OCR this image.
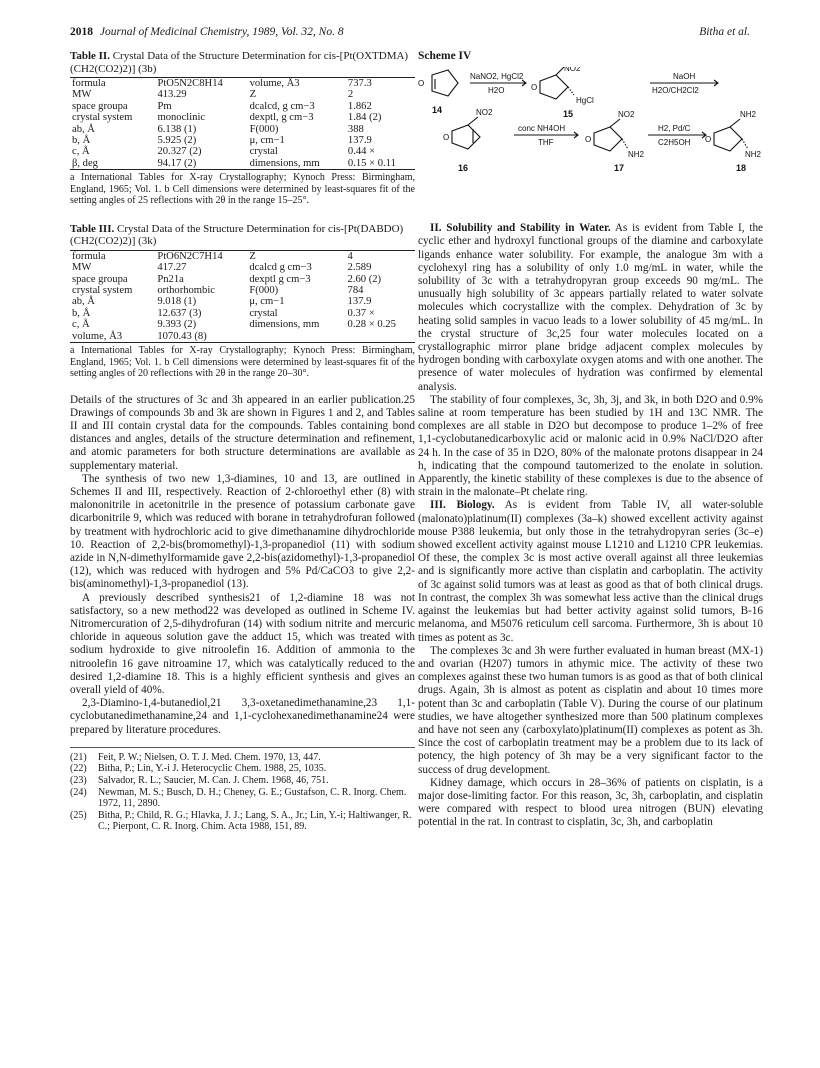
2018 Journal of Medicinal Chemistry, 1989, Vol. 32, No. 8	Bitha et al.
Table II. Crystal Data of the Structure Determination for cis-[Pt(OXTDMA)(CH2(CO2)2)] (3b)
formula	PtO5N2C8H14	volume, Å3	737.3
MW	413.29	Z	2
space groupa	Pm	dcalcd, g cm−3	1.862
crystal system	monoclinic	dexptl, g cm−3	1.84 (2)
ab, Å	6.138 (1)	F(000)	388
b, Å	5.925 (2)	μ, cm−1	137.9
c, Å	20.327 (2)	crystal	0.44 ×
β, deg	94.17 (2)	dimensions, mm	0.15 × 0.11
a International Tables for X-ray Crystallography; Kynoch Press: Birmingham, England, 1965; Vol. 1. b Cell dimensions were determined by least-squares fit of the setting angles of 25 reflections with 2θ in the range 15–25°.
Table III. Crystal Data of the Structure Determination for cis-[Pt(DABDO)(CH2(CO2)2)] (3k)
formula	PtO6N2C7H14	Z	4
MW	417.27	dcalcd g cm−3	2.589
space groupa	Pn21a	dexptl g cm−3	2.60 (2)
crystal system	orthorhombic	F(000)	784
ab, Å	9.018 (1)	μ, cm−1	137.9
b, Å	12.637 (3)	crystal	0.37 ×
c, Å	9.393 (2)	dimensions, mm	0.28 × 0.25
volume, Å3	1070.43 (8)		
a International Tables for X-ray Crystallography; Kynoch Press: Birmingham, England, 1965; Vol. 1. b Cell dimensions were determined by least-squares fit of the setting angles of 20 reflections with 2θ in the range 20–30°.

Details of the structures of 3c and 3h appeared in an earlier publication.25 Drawings of compounds 3b and 3k are shown in Figures 1 and 2, and Tables II and III contain crystal data for the compounds. Tables containing bond distances and angles, details of the structure determination and refinement, and atomic parameters for both structure determinations are available as supplementary material.

The synthesis of two new 1,3-diamines, 10 and 13, are outlined in Schemes II and III, respectively. Reaction of 2-chloroethyl ether (8) with malononitrile in acetonitrile in the presence of potassium carbonate gave dicarbonitrile 9, which was reduced with borane in tetrahydrofuran followed by treatment with hydrochloric acid to give dimethanamine dihydrochloride 10. Reaction of 2,2-bis(bromomethyl)-1,3-propanediol (11) with sodium azide in N,N-dimethylformamide gave 2,2-bis(azidomethyl)-1,3-propanediol (12), which was reduced with hydrogen and 5% Pd/CaCO3 to give 2,2-bis(aminomethyl)-1,3-propanediol (13).

A previously described synthesis21 of 1,2-diamine 18 was not satisfactory, so a new method22 was developed as outlined in Scheme IV. Nitromercuration of 2,5-dihydrofuran (14) with sodium nitrite and mercuric chloride in aqueous solution gave the adduct 15, which was treated with sodium hydroxide to give nitroolefin 16. Addition of ammonia to the nitroolefin 16 gave nitroamine 17, which was catalytically reduced to the desired 1,2-diamine 18. This is a highly efficient synthesis and gives an overall yield of 40%.

2,3-Diamino-1,4-butanediol,21 3,3-oxetanedimethanamine,23 1,1-cyclobutanedimethanamine,24 and 1,1-cyclohexanedimethanamine24 were prepared by literature procedures.

(21)	Feit, P. W.; Nielsen, O. T. J. Med. Chem. 1970, 13, 447.
(22)	Bitha, P.; Lin, Y.-i J. Heterocyclic Chem. 1988, 25, 1035.
(23)	Salvador, R. L.; Saucier, M. Can. J. Chem. 1968, 46, 751.
(24)	Newman, M. S.; Busch, D. H.; Cheney, G. E.; Gustafson, C. R. Inorg. Chem. 1972, 11, 2890.
(25)	Bitha, P.; Child, R. G.; Hlavka, J. J.; Lang, S. A., Jr.; Lin, Y.-i; Haltiwanger, R. C.; Pierpont, C. R. Inorg. Chim. Acta 1988, 151, 89.
Scheme IV
O
NaNO2, HgCl2
H2O
14
O
NO2
HgCl
15
NaOH
H2O/CH2Cl2
O
NO2
16
conc NH4OH
THF	O
NO2
NH2
17
H2, Pd/C
C2H5OH O
NH2
NH2
18

II. Solubility and Stability in Water. As is evident from Table I, the cyclic ether and hydroxyl functional groups of the diamine and carboxylate ligands enhance water solubility. For example, the analogue 3m with a cyclohexyl ring has a solubility of only 1.0 mg/mL in water, while the solubility of 3c with a tetrahydropyran group exceeds 90 mg/mL. The unusually high solubility of 3c appears partially related to water solvate molecules which cocrystallize with the complex. Dehydration of 3c by heating solid samples in vacuo leads to a lower solubility of 45 mg/mL. In the crystal structure of 3c,25 four water molecules located on a crystallographic mirror plane bridge adjacent complex molecules by hydrogen bonding with carboxylate oxygen atoms and with one another. The presence of water molecules of hydration was confirmed by elemental analysis.

The stability of four complexes, 3c, 3h, 3j, and 3k, in both D2O and 0.9% saline at room temperature has been studied by 1H and 13C NMR. The complexes are all stable in D2O but decompose to produce 1–2% of free 1,1-cyclobutanedicarboxylic acid or malonic acid in 0.9% NaCl/D2O after 24 h. In the case of 35 in D2O, 80% of the malonate protons disappear in 24 h, indicating that the compound tautomerized to the enolate in solution. Apparently, the kinetic stability of these complexes is due to the absence of strain in the malonate–Pt chelate ring.

III. Biology. As is evident from Table IV, all water-soluble (malonato)platinum(II) complexes (3a–k) showed excellent activity against mouse P388 leukemia, but only those in the tetrahydropyran series (3c–e) showed excellent activity against mouse L1210 and L1210 CPR leukemias. Of these, the complex 3c is most active overall against all three leukemias and is significantly more active than cisplatin and carboplatin. The activity of 3c against solid tumors was at least as good as that of both clinical drugs. In contrast, the complex 3h was somewhat less active than the clinical drugs against the leukemias but had better activity against solid tumors, B-16 melanoma, and M5076 reticulum cell sarcoma. Furthermore, 3h is about 10 times as potent as 3c.

The complexes 3c and 3h were further evaluated in human breast (MX-1) and ovarian (H207) tumors in athymic mice. The activity of these two complexes against these two human tumors is as good as that of both clinical drugs. Again, 3h is almost as potent as cisplatin and about 10 times more potent than 3c and carboplatin (Table V). During the course of our platinum studies, we have altogether synthesized more than 500 platinum complexes and have not seen any (carboxylato)platinum(II) complexes as potent as 3h. Since the cost of carboplatin treatment may be a problem due to its lack of potency, the high potency of 3h may be a very significant factor to the success of drug development.

Kidney damage, which occurs in 28–36% of patients on cisplatin, is a major dose-limiting factor. For this reason, 3c, 3h, carboplatin, and cisplatin were compared with respect to blood urea nitrogen (BUN) elevating potential in the rat. In contrast to cisplatin, 3c, 3h, and carboplatin
